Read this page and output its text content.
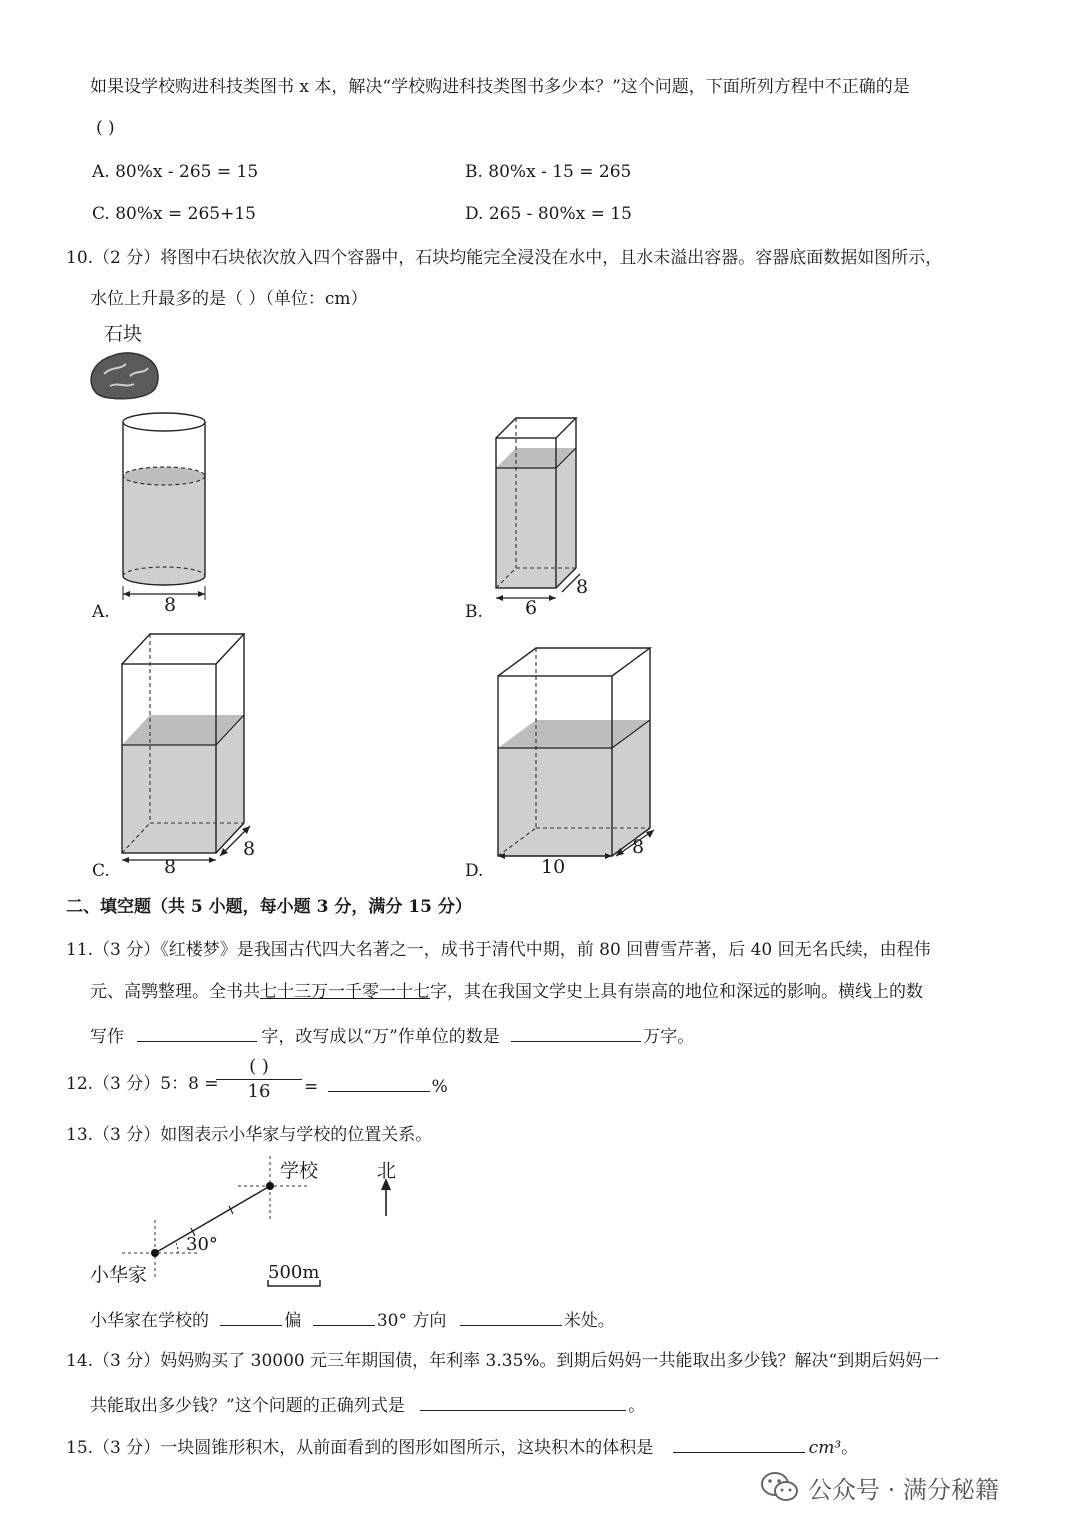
如果设学校购进科技类图书 x 本，解决“学校购进科技类图书多少本？”这个问题，下面所列方程中不正确的是
( )
A. 80%x - 265 = 15	B. 80%x - 15 = 265
C. 80%x = 265+15	D. 265 - 80%x = 15
10.（2 分）将图中石块依次放入四个容器中，石块均能完全浸没在水中，且水未溢出容器。容器底面数据如图所示，
水位上升最多的是（ ）（单位：cm）
石块
A.	8	B. 6
8
C.	8
8
D.	10
8
二、填空题（共 5 小题，每小题 3 分，满分 15 分）
11.（3 分）《红楼梦》是我国古代四大名著之一，成书于清代中期，前 80 回曹雪芹著，后 40 回无名氏续，由程伟
元、高鹗整理。全书共七十三万一千零一十七字，其在我国文学史上具有崇高的地位和深远的影响。横线上的数
写作	字，改写成以“万”作单位的数是	万字。
12.（3 分）5：8 =
( )
16	=	%
13.（3 分）如图表示小华家与学校的位置关系。
学校	北
30°
小华家	500m
小华家在学校的	偏	30° 方向	米处。
14.（3 分）妈妈购买了 30000 元三年期国债，年利率 3.35%。到期后妈妈一共能取出多少钱？解决“到期后妈妈一
共能取出多少钱？”这个问题的正确列式是	。
15.（3 分）一块圆锥形积木，从前面看到的图形如图所示，这块积木的体积是	cm³。
公众号 · 满分秘籍
